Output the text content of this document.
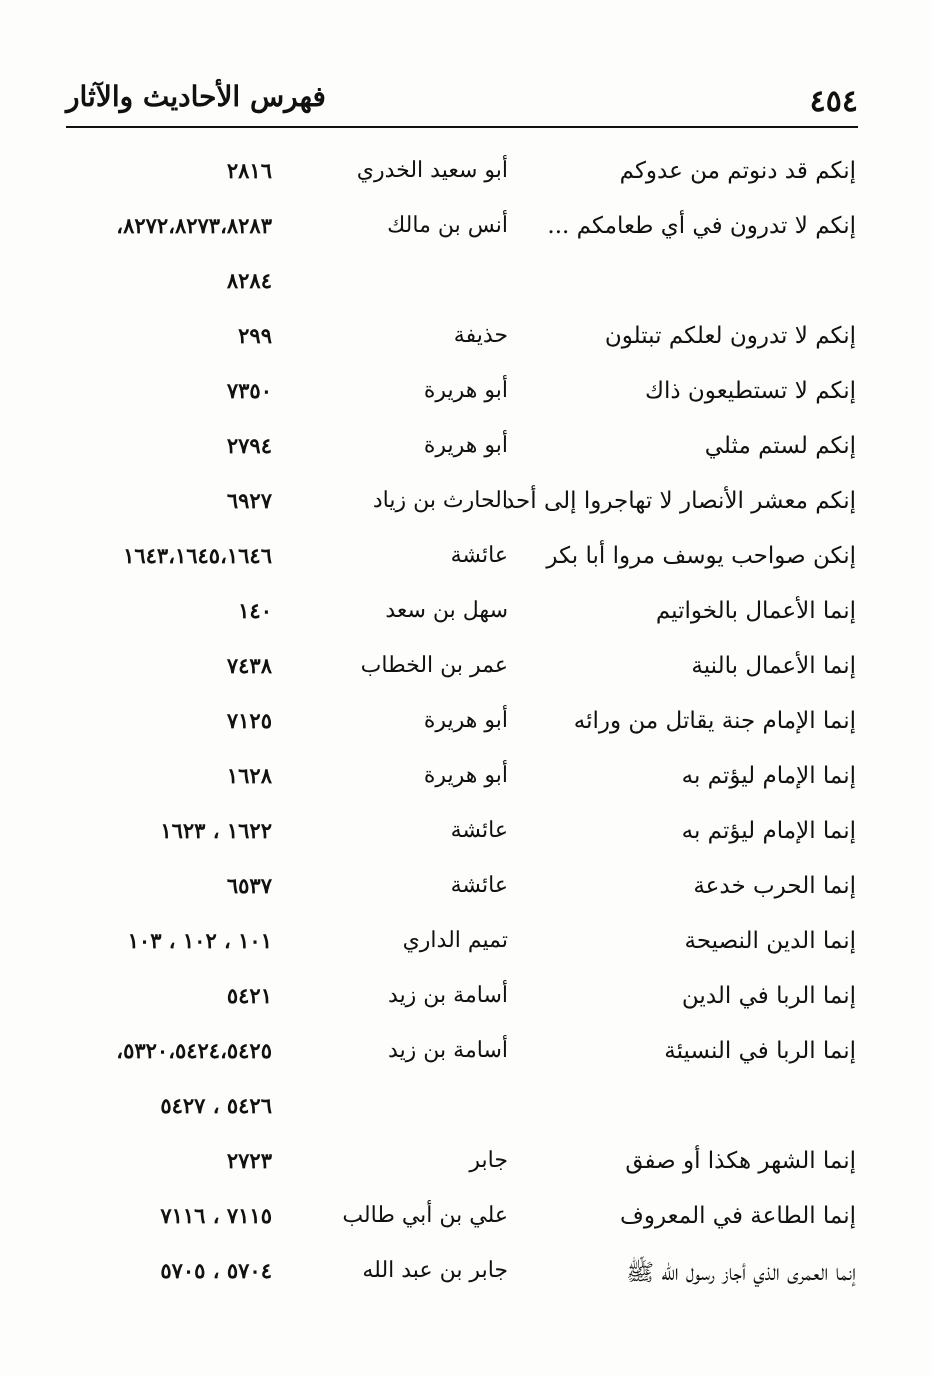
٤٥٤
فهرس الأحاديث والآثار
إنكم قد دنوتم من عدوكم
أبو سعيد الخدري
٢٨١٦
إنكم لا تدرون في أي طعامكم ...
أنس بن مالك
٨٢٧٢،٨٢٧٣،٨٢٨٣،
٨٢٨٤
إنكم لا تدرون لعلكم تبتلون
حذيفة
٢٩٩
إنكم لا تستطيعون ذاك
أبو هريرة
٧٣٥٠
إنكم لستم مثلي
أبو هريرة
٢٧٩٤
إنكم معشر الأنصار لا تهاجروا إلى أحد
الحارث بن زياد
٦٩٢٧
إنكن صواحب يوسف مروا أبا بكر
عائشة
١٦٤٣،١٦٤٥،١٦٤٦
إنما الأعمال بالخواتيم
سهل بن سعد
١٤٠
إنما الأعمال بالنية
عمر بن الخطاب
٧٤٣٨
إنما الإمام جنة يقاتل من ورائه
أبو هريرة
٧١٢٥
إنما الإمام ليؤتم به
أبو هريرة
١٦٢٨
إنما الإمام ليؤتم به
عائشة
١٦٢٢ ، ١٦٢٣
إنما الحرب خدعة
عائشة
٦٥٣٧
إنما الدين النصيحة
تميم الداري
١٠١ ، ١٠٢ ، ١٠٣
إنما الربا في الدين
أسامة بن زيد
٥٤٢١
إنما الربا في النسيئة
أسامة بن زيد
٥٣٢٠،٥٤٢٤،٥٤٢٥،
٥٤٢٦ ، ٥٤٢٧
إنما الشهر هكذا أو صفق
جابر
٢٧٢٣
إنما الطاعة في المعروف
علي بن أبي طالب
٧١١٥ ، ٧١١٦
إنما العمرى الذي أجاز رسول الله ﷺ
جابر بن عبد الله
٥٧٠٤ ، ٥٧٠٥
